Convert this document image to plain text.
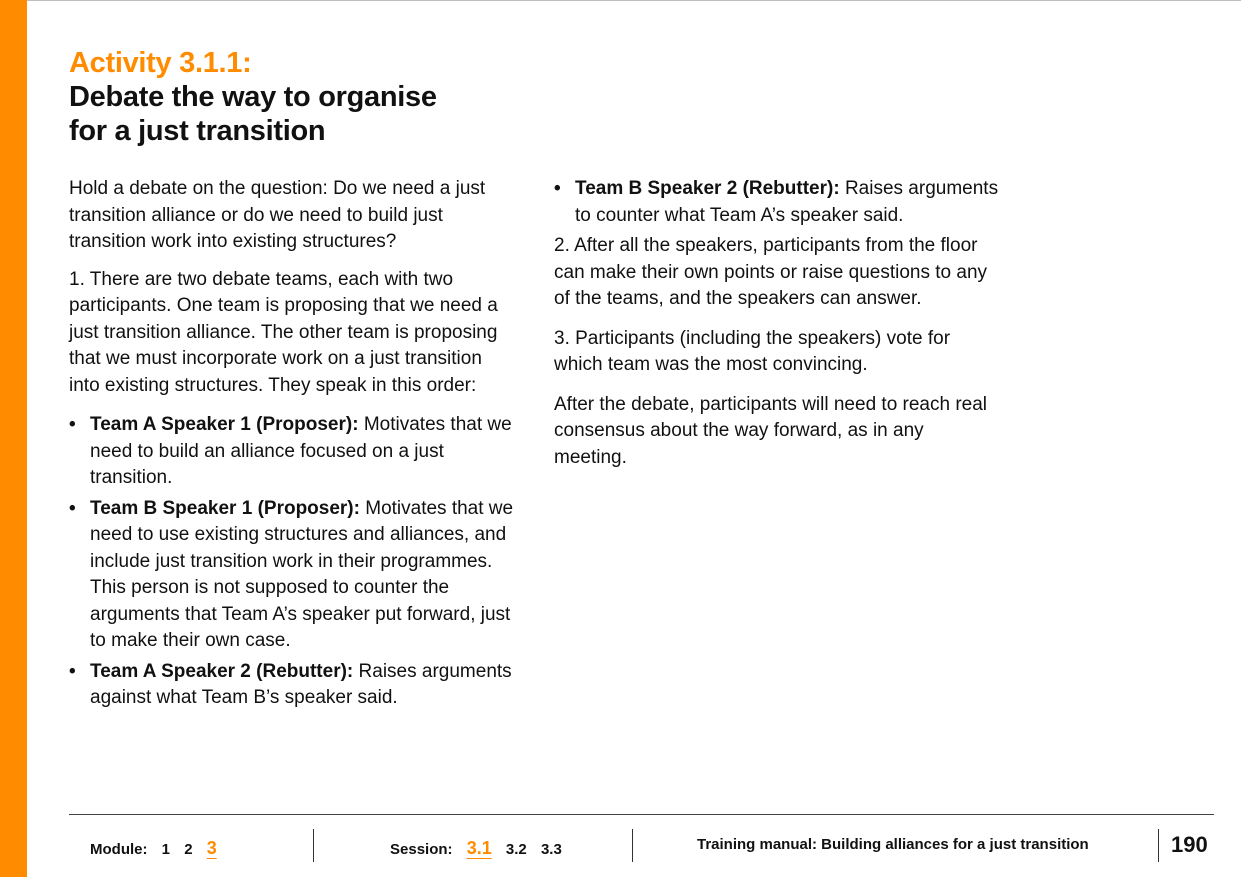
Activity 3.1.1:
Debate the way to organise
for a just transition

Hold a debate on the question: Do we need a just transition alliance or do we need to build just transition work into existing structures?

1. There are two debate teams, each with two participants. One team is proposing that we need a just transition alliance. The other team is proposing that we must incorporate work on a just transition into existing structures. They speak in this order:

• Team A Speaker 1 (Proposer): Motivates that we need to build an alliance focused on a just transition.
• Team B Speaker 1 (Proposer): Motivates that we need to use existing structures and alliances, and include just transition work in their programmes. This person is not supposed to counter the arguments that Team A’s speaker put forward, just to make their own case.
• Team A Speaker 2 (Rebutter): Raises arguments against what Team B’s speaker said.
• Team B Speaker 2 (Rebutter): Raises arguments to counter what Team A’s speaker said.

2. After all the speakers, participants from the floor can make their own points or raise questions to any of the teams, and the speakers can answer.

3. Participants (including the speakers) vote for which team was the most convincing.

After the debate, participants will need to reach real consensus about the way forward, as in any meeting.

Module: 1 2 3	Session: 3.1 3.2 3.3	Training manual: Building alliances for a just transition	190
